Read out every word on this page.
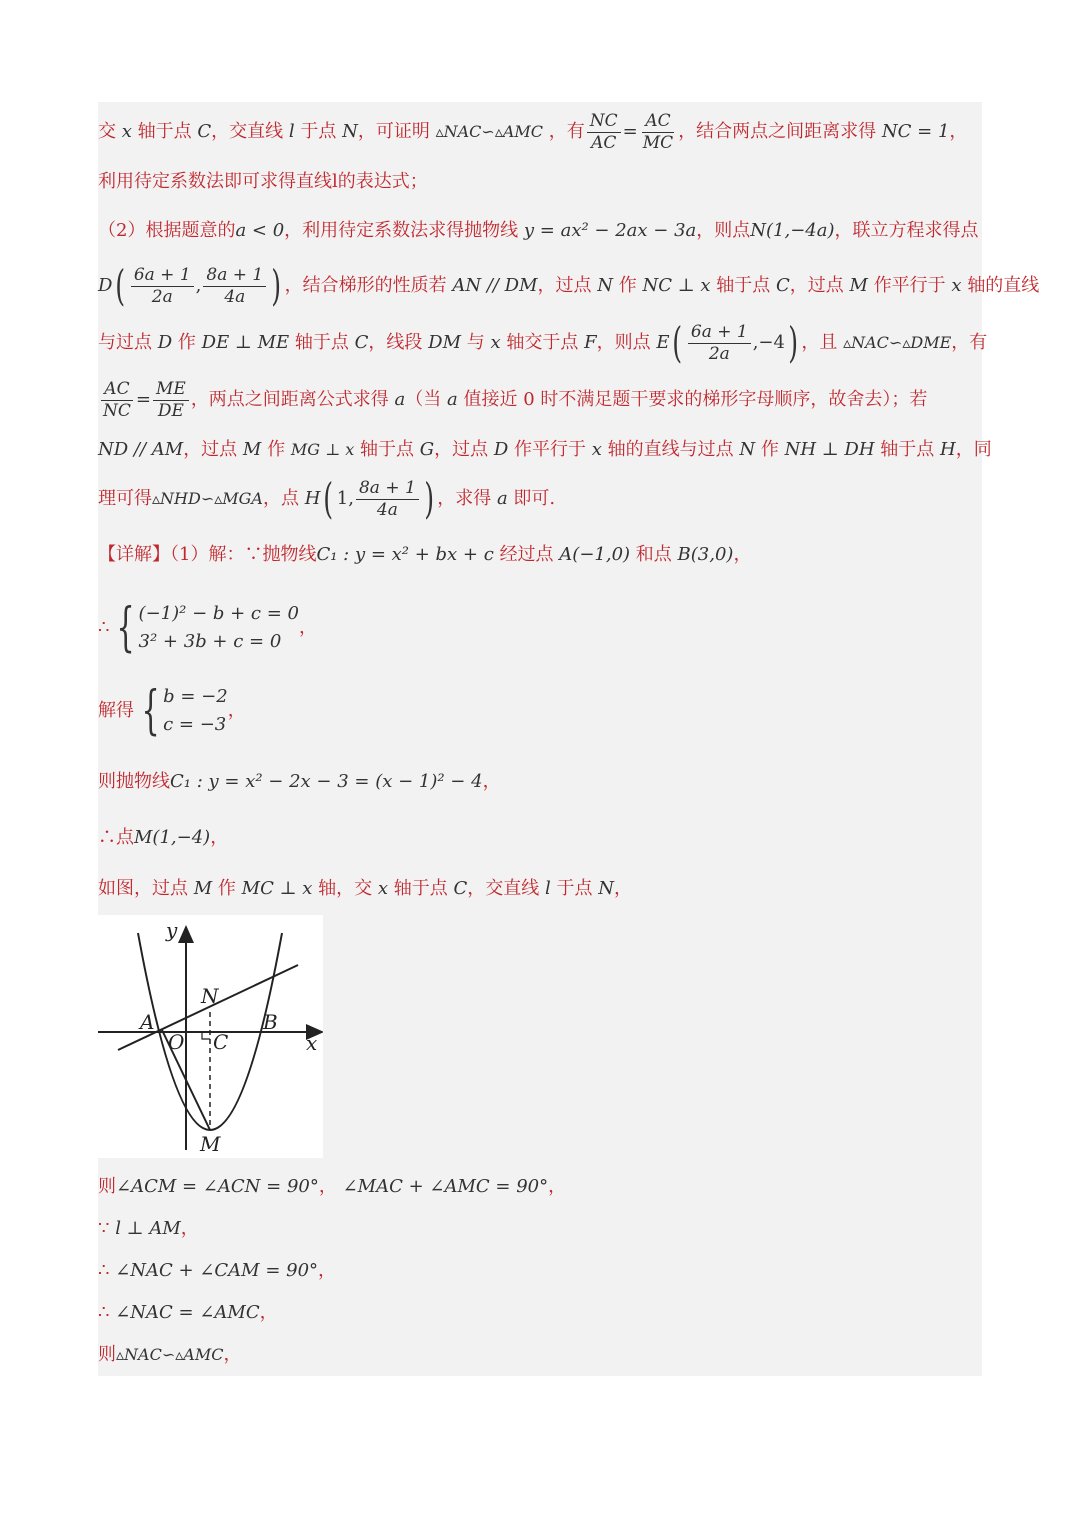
交
x
轴于点
C ，交直线
l
于点
N ，可证明
▵NAC∽▵AMC
，有 $\frac{NC}{AC} = \frac{AC}{MC}$ ，结合两点之间距离求得
NC = 1 ，
利用待定系数法即可求得直线l的表达式；
（2）根据题意的 a < 0 ，利用待定系数法求得抛物线
y = ax² − 2ax − 3a ，则点 N(1,−4a) ，联立方程求得点
D ( $\frac{6a + 1}{2a}$ , $\frac{8a + 1}{4a}$ ) ，结合梯形的性质若
AN // DM ，过点
N
作
NC ⊥ x
轴于点
C ，过点
M
作平行于
x
轴的直线
与过点
D
作
DE ⊥ ME
轴于点
C ，线段
DM
与
x
轴交于点
F ，则点
E ( $\frac{6a + 1}{2a} ,-4$ ) ，且
▵NAC∽▵DME ，有
$\frac{AC}{NC} = \frac{ME}{DE}$ ，两点之间距离公式求得
a （当
a
值接近 0 时不满足题干要求的梯形字母顺序，故舍去）；若
ND // AM ，过点
M
作
MG ⊥ x
轴于点
G ，过点
D
作平行于
x
轴的直线与过点
N
作
NH ⊥ DH
轴于点
H ，同
理可得 ▵NHD∽▵MGA ，点
H ( 1, $\frac{8a + 1}{4a}$ ) ，求得
a
即可.
【详解】（1）解：∵抛物线 C₁ : y = x² + bx + c
经过点
A(−1,0)
和点
B(3,0) ，
∴ { (−1)² − b + c = 0
3² + 3b + c = 0
，
解得 { b = −2
c = −3
，
则抛物线 C₁ : y = x² − 2x − 3 = (x − 1)² − 4 ，
∴点 M(1,−4) ，
如图，过点
M
作
MC ⊥ x
轴，交
x
轴于点
C ，交直线
l
于点
N ，
y
x
N
A	B
O C
M
则 ∠ACM = ∠ACN = 90° ，
∠MAC + ∠AMC = 90° ，
∵
l ⊥ AM ，
∴
∠NAC + ∠CAM = 90° ，
∴
∠NAC = ∠AMC ，
则 ▵NAC∽▵AMC ，
